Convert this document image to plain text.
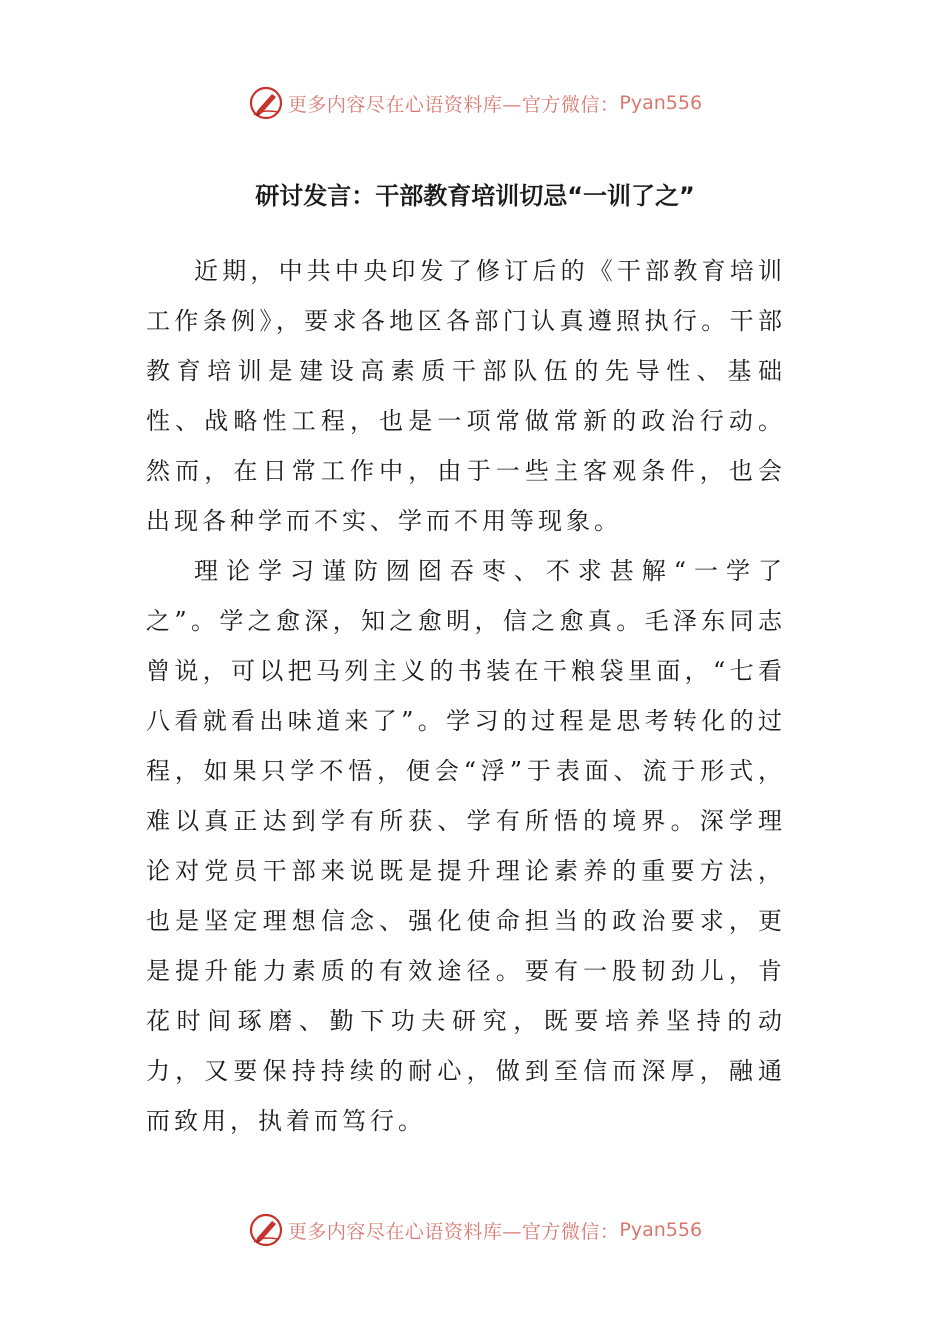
更多内容尽在心语资料库—官方微信： Pyan556
研讨发言：干部教育培训切忌“一训了之”

近期，中共中央印发了修订后的《干部教育培训工作条例》，要求各地区各部门认真遵照执行。干部教育培训是建设高素质干部队伍的先导性、基础性、战略性工程，也是一项常做常新的政治行动。然而，在日常工作中，由于一些主客观条件，也会出现各种学而不实、学而不用等现象。

理论学习谨防囫囵吞枣、不求甚解“一学了之”。学之愈深，知之愈明，信之愈真。毛泽东同志曾说，可以把马列主义的书装在干粮袋里面，“七看八看就看出味道来了”。学习的过程是思考转化的过程，如果只学不悟，便会“浮”于表面、流于形式，难以真正达到学有所获、学有所悟的境界。深学理论对党员干部来说既是提升理论素养的重要方法，也是坚定理想信念、强化使命担当的政治要求，更是提升能力素质的有效途径。要有一股韧劲儿，肯花时间琢磨、勤下功夫研究，既要培养坚持的动力，又要保持持续的耐心，做到至信而深厚，融通而致用，执着而笃行。

更多内容尽在心语资料库—官方微信： Pyan556
